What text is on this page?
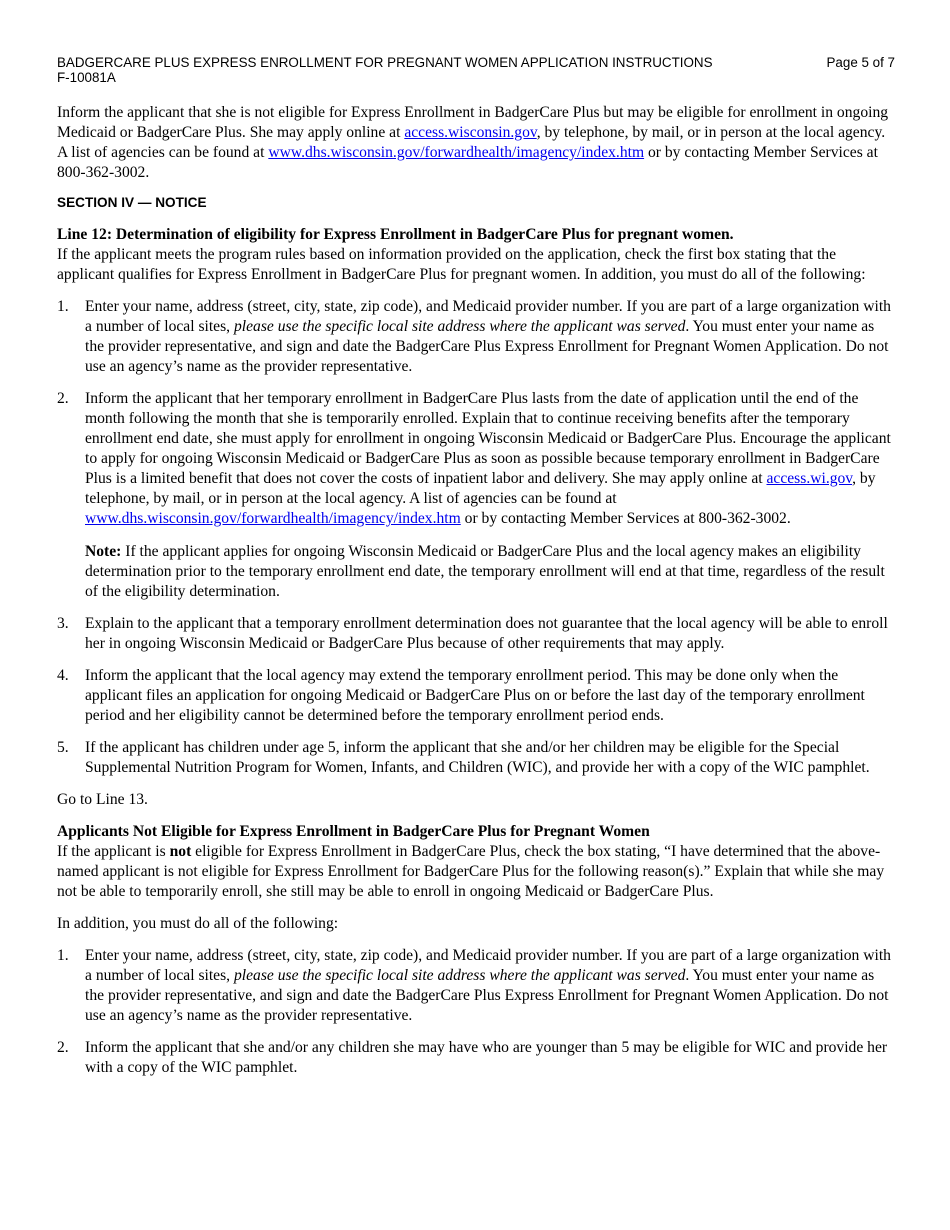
BADGERCARE PLUS EXPRESS ENROLLMENT FOR PREGNANT WOMEN APPLICATION INSTRUCTIONS	Page 5 of 7
F-10081A

Inform the applicant that she is not eligible for Express Enrollment in BadgerCare Plus but may be eligible for enrollment in ongoing Medicaid or BadgerCare Plus. She may apply online at access.wisconsin.gov, by telephone, by mail, or in person at the local agency. A list of agencies can be found at www.dhs.wisconsin.gov/forwardhealth/imagency/index.htm or by contacting Member Services at 800-362-3002.

SECTION IV — NOTICE

Line 12: Determination of eligibility for Express Enrollment in BadgerCare Plus for pregnant women.

If the applicant meets the program rules based on information provided on the application, check the first box stating that the applicant qualifies for Express Enrollment in BadgerCare Plus for pregnant women. In addition, you must do all of the following:

1. Enter your name, address (street, city, state, zip code), and Medicaid provider number. If you are part of a large organization with a number of local sites, please use the specific local site address where the applicant was served. You must enter your name as the provider representative, and sign and date the BadgerCare Plus Express Enrollment for Pregnant Women Application. Do not use an agency’s name as the provider representative.
2. Inform the applicant that her temporary enrollment in BadgerCare Plus lasts from the date of application until the end of the month following the month that she is temporarily enrolled. Explain that to continue receiving benefits after the temporary enrollment end date, she must apply for enrollment in ongoing Wisconsin Medicaid or BadgerCare Plus. Encourage the applicant to apply for ongoing Wisconsin Medicaid or BadgerCare Plus as soon as possible because temporary enrollment in BadgerCare Plus is a limited benefit that does not cover the costs of inpatient labor and delivery. She may apply online at access.wi.gov, by telephone, by mail, or in person at the local agency. A list of agencies can be found at www.dhs.wisconsin.gov/forwardhealth/imagency/index.htm or by contacting Member Services at 800-362-3002.

Note: If the applicant applies for ongoing Wisconsin Medicaid or BadgerCare Plus and the local agency makes an eligibility determination prior to the temporary enrollment end date, the temporary enrollment will end at that time, regardless of the result of the eligibility determination.

3. Explain to the applicant that a temporary enrollment determination does not guarantee that the local agency will be able to enroll her in ongoing Wisconsin Medicaid or BadgerCare Plus because of other requirements that may apply.
4. Inform the applicant that the local agency may extend the temporary enrollment period. This may be done only when the applicant files an application for ongoing Medicaid or BadgerCare Plus on or before the last day of the temporary enrollment period and her eligibility cannot be determined before the temporary enrollment period ends.
5. If the applicant has children under age 5, inform the applicant that she and/or her children may be eligible for the Special Supplemental Nutrition Program for Women, Infants, and Children (WIC), and provide her with a copy of the WIC pamphlet.

Go to Line 13.

Applicants Not Eligible for Express Enrollment in BadgerCare Plus for Pregnant Women

If the applicant is not eligible for Express Enrollment in BadgerCare Plus, check the box stating, “I have determined that the above-named applicant is not eligible for Express Enrollment for BadgerCare Plus for the following reason(s).” Explain that while she may not be able to temporarily enroll, she still may be able to enroll in ongoing Medicaid or BadgerCare Plus.

In addition, you must do all of the following:

1. Enter your name, address (street, city, state, zip code), and Medicaid provider number. If you are part of a large organization with a number of local sites, please use the specific local site address where the applicant was served. You must enter your name as the provider representative, and sign and date the BadgerCare Plus Express Enrollment for Pregnant Women Application. Do not use an agency’s name as the provider representative.
2. Inform the applicant that she and/or any children she may have who are younger than 5 may be eligible for WIC and provide her with a copy of the WIC pamphlet.
